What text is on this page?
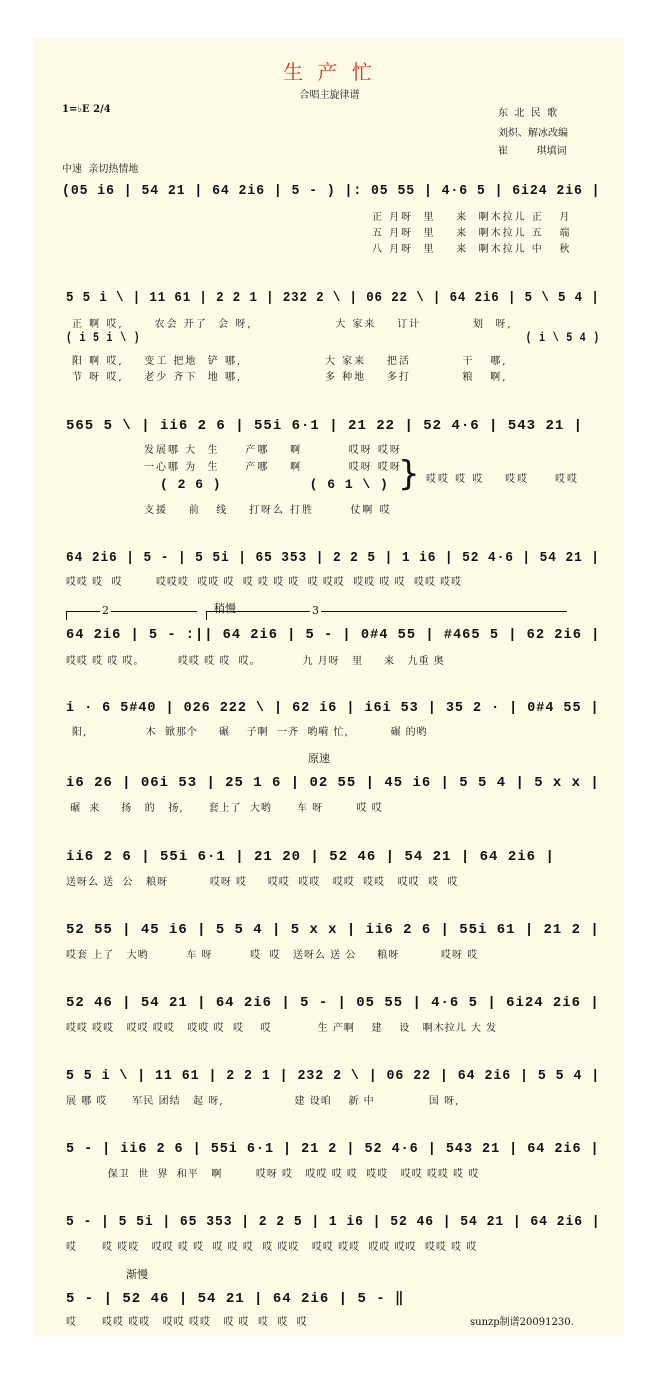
生 产 忙
合唱主旋律谱
1=♭E 2/4	东  北  民  歌
刘炽、解冰改编
崔         琪填词
中速  亲切热情地
(05 i6 | 54 21 | 64 2i6 | 5 - ) |: 05 55 | 4·6 5 | 6i24 2i6 |
正 月呀  里    来  啊木拉儿 正   月
五 月呀  里    来  啊木拉儿 五   端
八 月呀  里    来  啊木拉儿 中   秋
5 5 i \ | 11 61 | 2 2 1 | 232 2 \ | 06 22 \ | 64 2i6 | 5 \ 5 4 |
正 啊 哎,      农会 开了  会 呀,                大 家来    订计          划  呀,
( i 5 i \ )                                                         ( i \ 5 4 )
阳 啊 哎,    变工 把地  铲 哪,                大 家来    把活          干   哪,
节 呀 哎,    老少 齐下  地 哪,                多 种地    多打          粮   啊,
565 5 \ | ii6 2 6 | 55i 6·1 | 21 22 | 52 4·6 | 543 21 |
发展哪 大  生     产哪    啊         哎呀 哎呀
一心哪 为  生     产哪    啊         哎呀 哎呀
( 2 6 )          ( 6 1 \ )
支援    前   线    打呀么 打胜       仗啊 哎
} 哎哎 哎 哎    哎哎     哎哎
64 2i6 | 5 - | 5 5i | 65 353 | 2 2 5 | 1 i6 | 52 4·6 | 54 21 |
哎哎 哎  哎        哎哎哎  哎哎 哎  哎 哎 哎 哎  哎 哎哎  哎哎 哎 哎  哎哎 哎哎
2	3
稍慢
64 2i6 | 5 - :|| 64 2i6 | 5 - | 0#4 55 | #465 5 | 62 2i6 |
哎哎 哎 哎 哎。        哎哎 哎 哎  哎。          九 月呀   里     来   九重 奥
i · 6 5#40 | 026 222 \ | 62 i6 | i6i 53 | 35 2 · | 0#4 55 |
阳,              木  锨那个     碾    子啊  一齐  哟嗬 忙,          碾 的哟
原速
i6 26 | 06i 53 | 25 1 6 | 02 55 | 45 i6 | 5 5 4 | 5 x x |
碾  来     扬   的   扬,      套上了  大哟      车 呀        哎 哎
ii6 2 6 | 55i 6·1 | 21 20 | 52 46 | 54 21 | 64 2i6 |
送呀么 送  公   粮呀          哎呀 哎     哎哎  哎哎   哎哎  哎哎   哎哎  哎  哎
52 55 | 45 i6 | 5 5 4 | 5 x x | ii6 2 6 | 55i 61 | 21 2 |
哎套 上了   大哟         车 呀         哎  哎   送呀么 送 公     粮呀          哎呀 哎
52 46 | 54 21 | 64 2i6 | 5 - | 05 55 | 4·6 5 | 6i24 2i6 |
哎哎 哎哎   哎哎 哎哎   哎哎 哎  哎    哎           生 产啊    建    设   啊木拉儿 大 发
5 5 i \ | 11 61 | 2 2 1 | 232 2 \ | 06 22 | 64 2i6 | 5 5 4 |
展 哪 哎      军民 团结   起 呀,                 建 设咱    新 中             国 呀,
5 - | ii6 2 6 | 55i 6·1 | 21 2 | 52 4·6 | 543 21 | 64 2i6 |
保卫  世  界  和平   啊        哎呀 哎   哎哎 哎 哎  哎哎   哎哎 哎哎 哎 哎
5 - | 5 5i | 65 353 | 2 2 5 | 1 i6 | 52 46 | 54 21 | 64 2i6 |
哎      哎 哎哎   哎哎 哎 哎  哎 哎 哎  哎 哎哎   哎哎 哎哎  哎哎 哎哎  哎哎 哎 哎
渐慢
5 - | 52 46 | 54 21 | 64 2i6 | 5 - ‖
哎      哎哎 哎哎   哎哎 哎哎   哎 哎  哎  哎  哎	sunzp制谱20091230.
